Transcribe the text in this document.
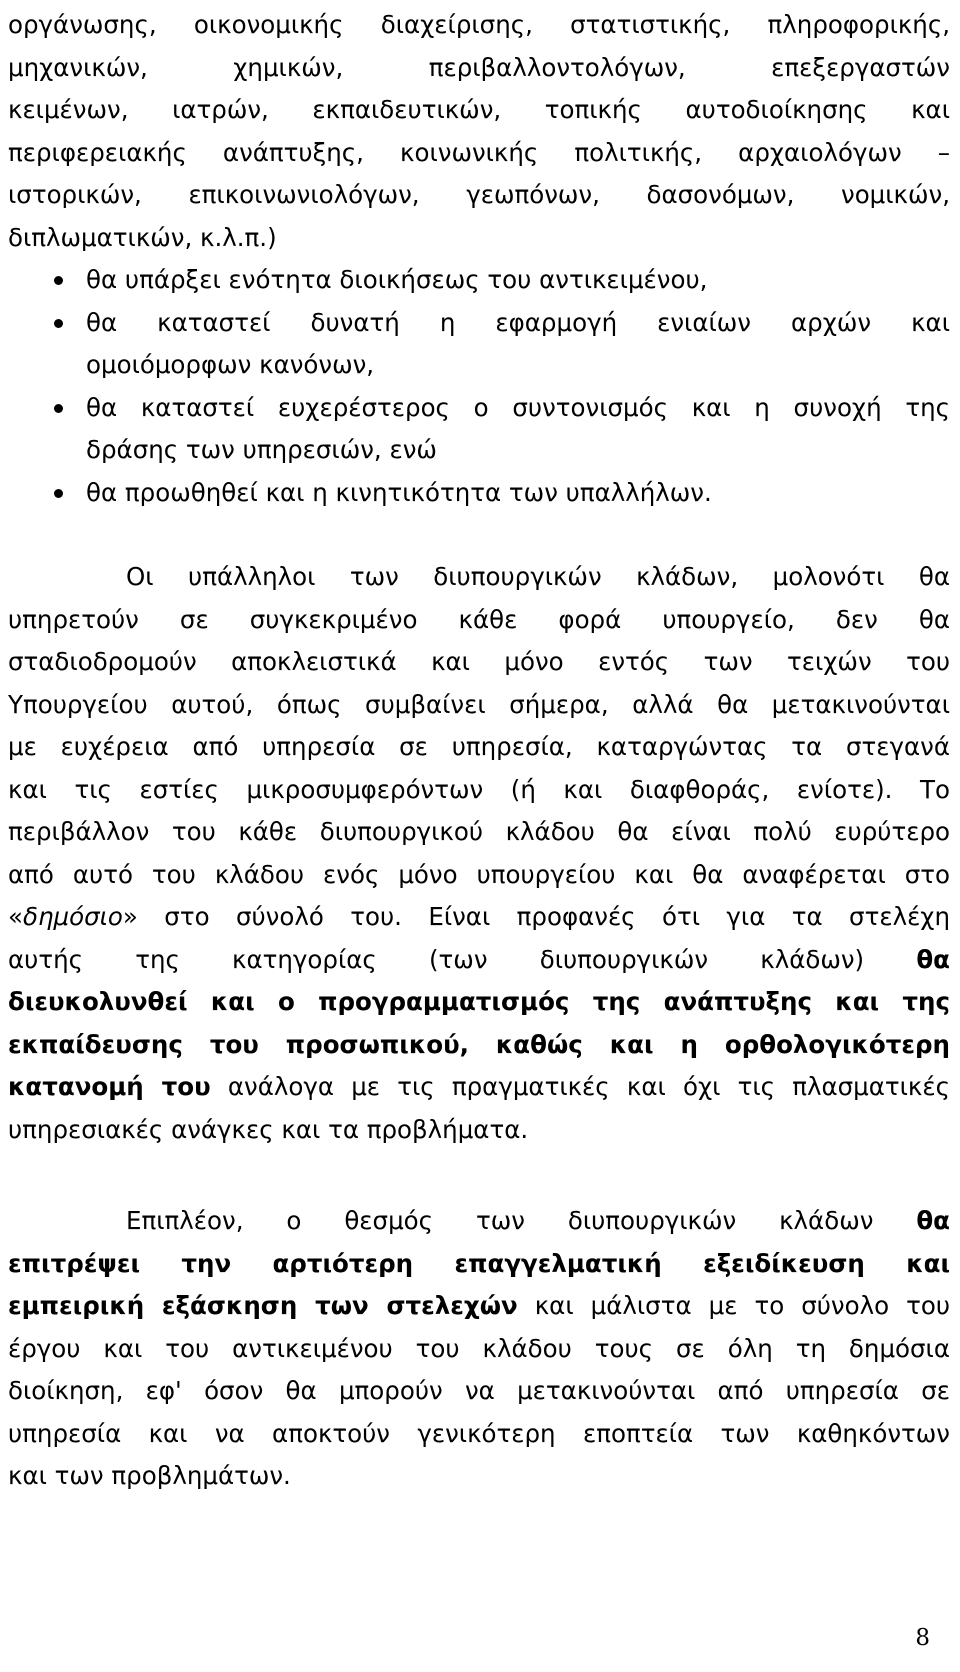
οργάνωσης, οικονομικής διαχείρισης, στατιστικής, πληροφορικής,
μηχανικών, χημικών, περιβαλλοντολόγων, επεξεργαστών
κειμένων, ιατρών, εκπαιδευτικών, τοπικής αυτοδιοίκησης και
περιφερειακής ανάπτυξης, κοινωνικής πολιτικής, αρχαιολόγων –
ιστορικών, επικοινωνιολόγων, γεωπόνων, δασονόμων, νομικών,
διπλωματικών, κ.λ.π.)
θα υπάρξει ενότητα διοικήσεως του αντικειμένου,
θα καταστεί δυνατή η εφαρμογή ενιαίων αρχών και
ομοιόμορφων κανόνων,
θα καταστεί ευχερέστερος ο συντονισμός και η συνοχή της
δράσης των υπηρεσιών, ενώ
θα προωθηθεί και η κινητικότητα των υπαλλήλων.
Οι υπάλληλοι των διυπουργικών κλάδων, μολονότι θα
υπηρετούν σε συγκεκριμένο κάθε φορά υπουργείο, δεν θα
σταδιοδρομούν αποκλειστικά και μόνο εντός των τειχών του
Υπουργείου αυτού, όπως συμβαίνει σήμερα, αλλά θα μετακινούνται
με ευχέρεια από υπηρεσία σε υπηρεσία, καταργώντας τα στεγανά
και τις εστίες μικροσυμφερόντων (ή και διαφθοράς, ενίοτε). Το
περιβάλλον του κάθε διυπουργικού κλάδου θα είναι πολύ ευρύτερο
από αυτό του κλάδου ενός μόνο υπουργείου και θα αναφέρεται στο
«δημόσιο» στο σύνολό του. Είναι προφανές ότι για τα στελέχη
αυτής της κατηγορίας (των διυπουργικών κλάδων) θα
διευκολυνθεί και ο προγραμματισμός της ανάπτυξης και της
εκπαίδευσης του προσωπικού, καθώς και η ορθολογικότερη
κατανομή του ανάλογα με τις πραγματικές και όχι τις πλασματικές
υπηρεσιακές ανάγκες και τα προβλήματα.
Επιπλέον, ο θεσμός των διυπουργικών κλάδων θα
επιτρέψει την αρτιότερη επαγγελματική εξειδίκευση και
εμπειρική εξάσκηση των στελεχών και μάλιστα με το σύνολο του
έργου και του αντικειμένου του κλάδου τους σε όλη τη δημόσια
διοίκηση, εφ' όσον θα μπορούν να μετακινούνται από υπηρεσία σε
υπηρεσία και να αποκτούν γενικότερη εποπτεία των καθηκόντων
και των προβλημάτων.
8
